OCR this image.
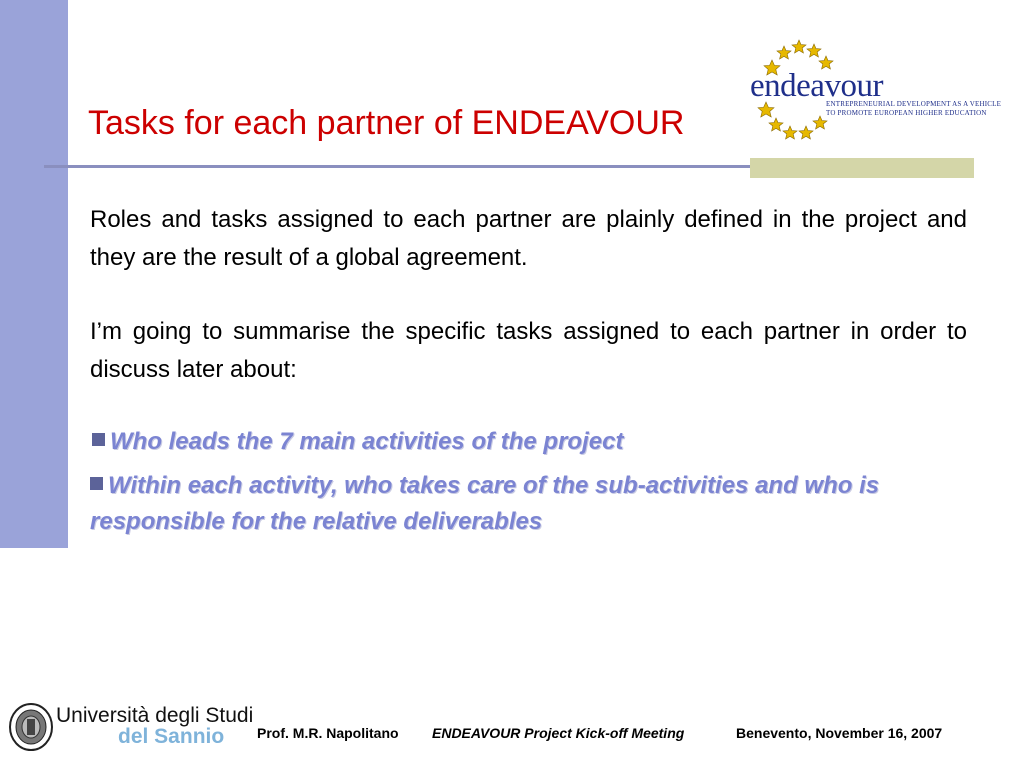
Tasks for each partner of ENDEAVOUR
endeavour
ENTREPRENEURIAL DEVELOPMENT AS A VEHICLE
TO PROMOTE EUROPEAN HIGHER EDUCATION
Roles and tasks assigned to each partner are plainly defined in the project and they are the result of a global agreement.
I’m going to summarise the specific tasks assigned to each partner in order to discuss later about:
Who leads the 7 main activities of the project
Within each activity, who takes care of the sub-activities and who is responsible for the relative deliverables
Università degli Studi
del Sannio Prof. M.R. Napolitano ENDEAVOUR Project Kick-off Meeting	Benevento, November 16, 2007
